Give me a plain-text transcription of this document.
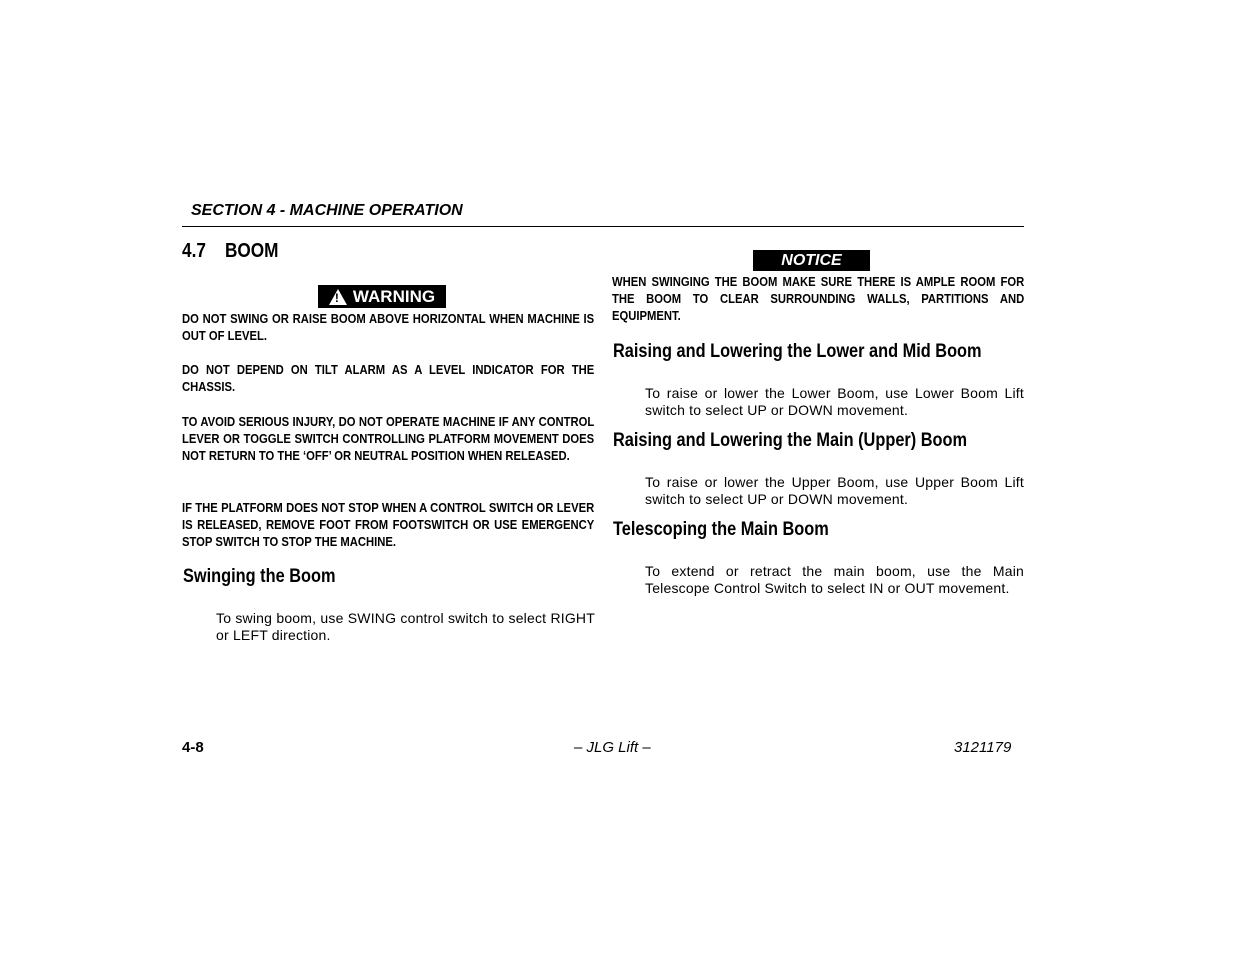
SECTION 4 - MACHINE OPERATION
4.7 BOOM
!
WARNING
DO NOT SWING OR RAISE BOOM ABOVE HORIZONTAL WHEN MACHINE IS OUT OF LEVEL.
DO NOT DEPEND ON TILT ALARM AS A LEVEL INDICATOR FOR THE CHASSIS.
TO AVOID SERIOUS INJURY, DO NOT OPERATE MACHINE IF ANY CONTROL LEVER OR TOGGLE SWITCH CONTROLLING PLATFORM MOVEMENT DOES NOT RETURN TO THE ‘OFF’ OR NEUTRAL POSITION WHEN RELEASED.
IF THE PLATFORM DOES NOT STOP WHEN A CONTROL SWITCH OR LEVER IS RELEASED, REMOVE FOOT FROM FOOTSWITCH OR USE EMERGENCY STOP SWITCH TO STOP THE MACHINE.
Swinging the Boom
To swing boom, use SWING control switch to select RIGHT or LEFT direction.
NOTICE
WHEN SWINGING THE BOOM MAKE SURE THERE IS AMPLE ROOM FOR THE BOOM TO CLEAR SURROUNDING WALLS, PARTITIONS AND EQUIPMENT.
Raising and Lowering the Lower and Mid Boom
To raise or lower the Lower Boom, use Lower Boom Lift switch to select UP or DOWN movement.
Raising and Lowering the Main (Upper) Boom
To raise or lower the Upper Boom, use Upper Boom Lift switch to select UP or DOWN movement.
Telescoping the Main Boom
To extend or retract the main boom, use the Main Telescope Control Switch to select IN or OUT movement.
4-8	– JLG Lift –	3121179
